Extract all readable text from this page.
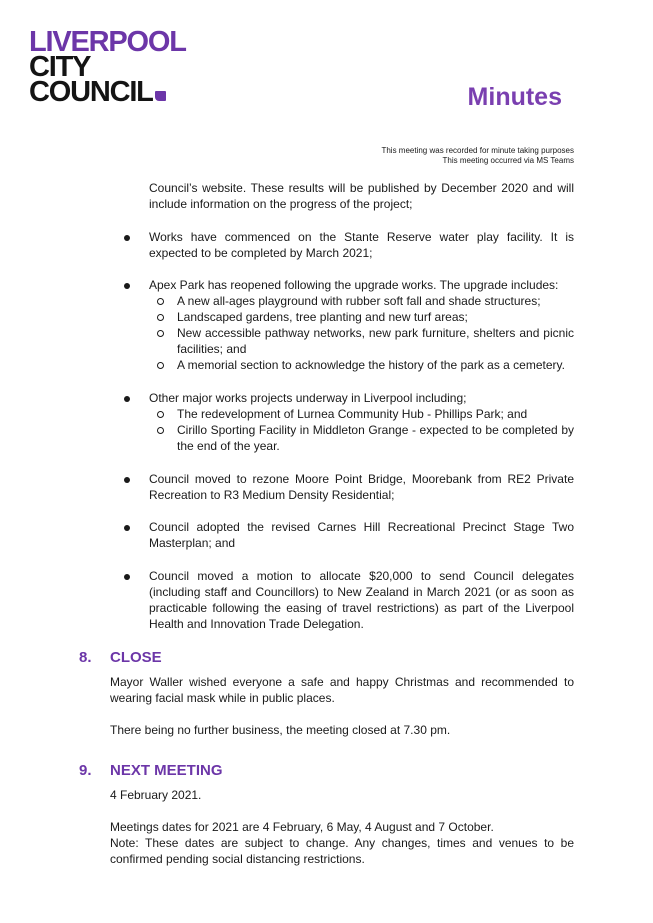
LIVERPOOL
CITY
COUNCIL	Minutes
This meeting was recorded for minute taking purposes
This meeting occurred via MS Teams
Council’s website. These results will be published by December 2020 and will include information on the progress of the project;
Works have commenced on the Stante Reserve water play facility. It is expected to be completed by March 2021;
Apex Park has reopened following the upgrade works. The upgrade includes:
A new all-ages playground with rubber soft fall and shade structures;
Landscaped gardens, tree planting and new turf areas;
New accessible pathway networks, new park furniture, shelters and picnic facilities; and
A memorial section to acknowledge the history of the park as a cemetery.
Other major works projects underway in Liverpool including;
The redevelopment of Lurnea Community Hub - Phillips Park; and
Cirillo Sporting Facility in Middleton Grange - expected to be completed by the end of the year.
Council moved to rezone Moore Point Bridge, Moorebank from RE2 Private Recreation to R3 Medium Density Residential;
Council adopted the revised Carnes Hill Recreational Precinct Stage Two Masterplan; and
Council moved a motion to allocate $20,000 to send Council delegates (including staff and Councillors) to New Zealand in March 2021 (or as soon as practicable following the easing of travel restrictions) as part of the Liverpool Health and Innovation Trade Delegation.
8. CLOSE
Mayor Waller wished everyone a safe and happy Christmas and recommended to wearing facial mask while in public places.
There being no further business, the meeting closed at 7.30 pm.
9. NEXT MEETING
4 February 2021.
Meetings dates for 2021 are 4 February, 6 May, 4 August and 7 October.
Note: These dates are subject to change. Any changes, times and venues to be confirmed pending social distancing restrictions.
